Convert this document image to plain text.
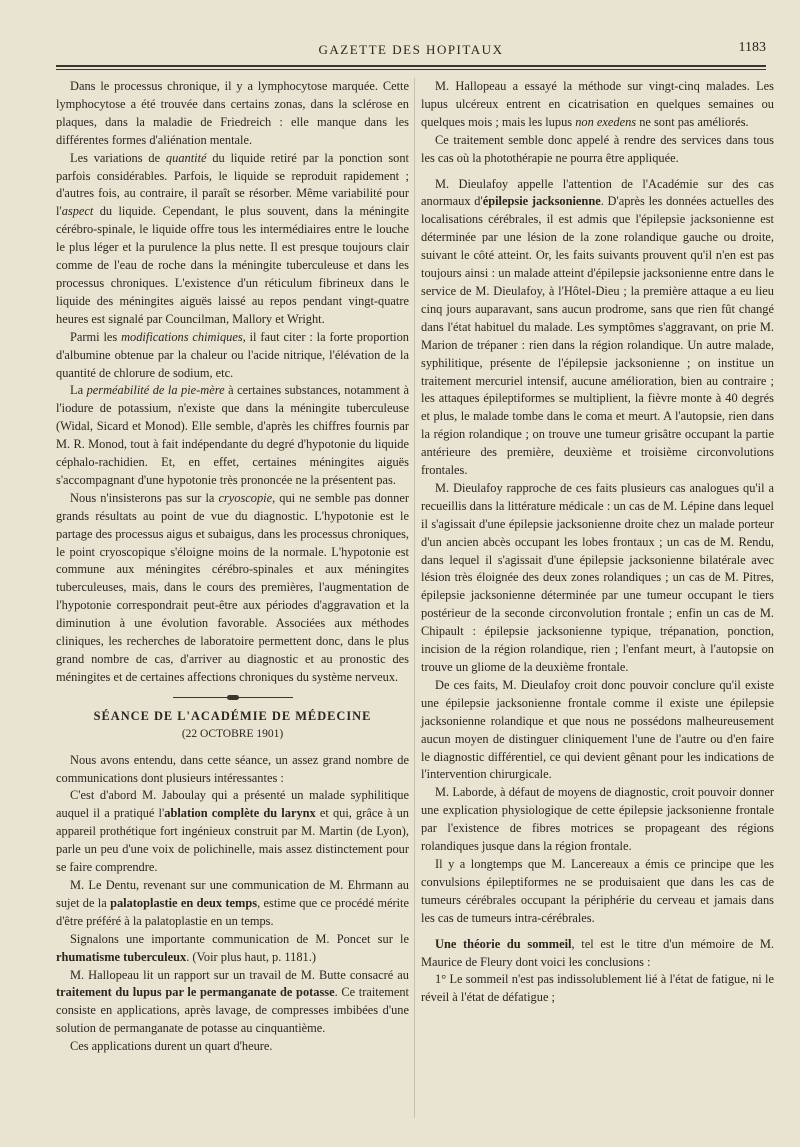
GAZETTE DES HOPITAUX	1183

Dans le processus chronique, il y a lymphocytose marquée. Cette lymphocytose a été trouvée dans certains zonas, dans la sclérose en plaques, dans la maladie de Friedreich : elle manque dans les différentes formes d'aliénation mentale.

Les variations de quantité du liquide retiré par la ponction sont parfois considérables. Parfois, le liquide se reproduit rapidement ; d'autres fois, au contraire, il paraît se résorber. Même variabilité pour l'aspect du liquide. Cependant, le plus souvent, dans la méningite cérébro-spinale, le liquide offre tous les intermédiaires entre le louche le plus léger et la purulence la plus nette. Il est presque toujours clair comme de l'eau de roche dans la méningite tuberculeuse et dans les processus chroniques. L'existence d'un réticulum fibrineux dans le liquide des méningites aiguës laissé au repos pendant vingt-quatre heures est signalé par Councilman, Mallory et Wright.

Parmi les modifications chimiques, il faut citer : la forte proportion d'albumine obtenue par la chaleur ou l'acide nitrique, l'élévation de la quantité de chlorure de sodium, etc.

La perméabilité de la pie-mère à certaines substances, notamment à l'iodure de potassium, n'existe que dans la méningite tuberculeuse (Widal, Sicard et Monod). Elle semble, d'après les chiffres fournis par M. R. Monod, tout à fait indépendante du degré d'hypotonie du liquide céphalo-rachidien. Et, en effet, certaines méningites aiguës s'accompagnant d'une hypotonie très prononcée ne la présentent pas.

Nous n'insisterons pas sur la cryoscopie, qui ne semble pas donner grands résultats au point de vue du diagnostic. L'hypotonie est le partage des processus aigus et subaigus, dans les processus chroniques, le point cryoscopique s'éloigne moins de la normale. L'hypotonie est commune aux méningites cérébro-spinales et aux méningites tuberculeuses, mais, dans le cours des premières, l'augmentation de l'hypotonie correspondrait peut-être aux périodes d'aggravation et la diminution à une évolution favorable. Associées aux méthodes cliniques, les recherches de laboratoire permettent donc, dans le plus grand nombre de cas, d'arriver au diagnostic et au pronostic des méningites et de certaines affections chroniques du système nerveux.

SÉANCE DE L'ACADÉMIE DE MÉDECINE
(22 OCTOBRE 1901)

Nous avons entendu, dans cette séance, un assez grand nombre de communications dont plusieurs intéressantes :

C'est d'abord M. Jaboulay qui a présenté un malade syphilitique auquel il a pratiqué l'ablation complète du larynx et qui, grâce à un appareil prothétique fort ingénieux construit par M. Martin (de Lyon), parle un peu d'une voix de polichinelle, mais assez distinctement pour se faire comprendre.

M. Le Dentu, revenant sur une communication de M. Ehrmann au sujet de la palatoplastie en deux temps, estime que ce procédé mérite d'être préféré à la palatoplastie en un temps.

Signalons une importante communication de M. Poncet sur le rhumatisme tuberculeux. (Voir plus haut, p. 1181.)

M. Hallopeau lit un rapport sur un travail de M. Butte consacré au traitement du lupus par le permanganate de potasse. Ce traitement consiste en applications, après lavage, de compresses imbibées d'une solution de permanganate de potasse au cinquantième.

Ces applications durent un quart d'heure.

M. Hallopeau a essayé la méthode sur vingt-cinq malades. Les lupus ulcéreux entrent en cicatrisation en quelques semaines ou quelques mois ; mais les lupus non exedens ne sont pas améliorés.

Ce traitement semble donc appelé à rendre des services dans tous les cas où la photothérapie ne pourra être appliquée.

M. Dieulafoy appelle l'attention de l'Académie sur des cas anormaux d'épilepsie jacksonienne. D'après les données actuelles des localisations cérébrales, il est admis que l'épilepsie jacksonienne est déterminée par une lésion de la zone rolandique gauche ou droite, suivant le côté atteint. Or, les faits suivants prouvent qu'il n'en est pas toujours ainsi : un malade atteint d'épilepsie jacksonienne entre dans le service de M. Dieulafoy, à l'Hôtel-Dieu ; la première attaque a eu lieu cinq jours auparavant, sans aucun prodrome, sans que rien fût changé dans l'état habituel du malade. Les symptômes s'aggravant, on prie M. Marion de trépaner : rien dans la région rolandique. Un autre malade, syphilitique, présente de l'épilepsie jacksonienne ; on institue un traitement mercuriel intensif, aucune amélioration, bien au contraire ; les attaques épileptiformes se multiplient, la fièvre monte à 40 degrés et plus, le malade tombe dans le coma et meurt. A l'autopsie, rien dans la région rolandique ; on trouve une tumeur grisâtre occupant la partie antérieure des première, deuxième et troisième circonvolutions frontales.

M. Dieulafoy rapproche de ces faits plusieurs cas analogues qu'il a recueillis dans la littérature médicale : un cas de M. Lépine dans lequel il s'agissait d'une épilepsie jacksonienne droite chez un malade porteur d'un ancien abcès occupant les lobes frontaux ; un cas de M. Rendu, dans lequel il s'agissait d'une épilepsie jacksonienne bilatérale avec lésion très éloignée des deux zones rolandiques ; un cas de M. Pitres, épilepsie jacksonienne déterminée par une tumeur occupant le tiers postérieur de la seconde circonvolution frontale ; enfin un cas de M. Chipault : épilepsie jacksonienne typique, trépanation, ponction, incision de la région rolandique, rien ; l'enfant meurt, à l'autopsie on trouve un gliome de la deuxième frontale.

De ces faits, M. Dieulafoy croit donc pouvoir conclure qu'il existe une épilepsie jacksonienne frontale comme il existe une épilepsie jacksonienne rolandique et que nous ne possédons malheureusement aucun moyen de distinguer cliniquement l'une de l'autre ou d'en faire le diagnostic différentiel, ce qui devient gênant pour les indications de l'intervention chirurgicale.

M. Laborde, à défaut de moyens de diagnostic, croit pouvoir donner une explication physiologique de cette épilepsie jacksonienne frontale par l'existence de fibres motrices se propageant des régions rolandiques jusque dans la région frontale.

Il y a longtemps que M. Lancereaux a émis ce principe que les convulsions épileptiformes ne se produisaient que dans les cas de tumeurs cérébrales occupant la périphérie du cerveau et jamais dans les cas de tumeurs intra-cérébrales.

Une théorie du sommeil, tel est le titre d'un mémoire de M. Maurice de Fleury dont voici les conclusions :

1° Le sommeil n'est pas indissolublement lié à l'état de fatigue, ni le réveil à l'état de défatigue ;
